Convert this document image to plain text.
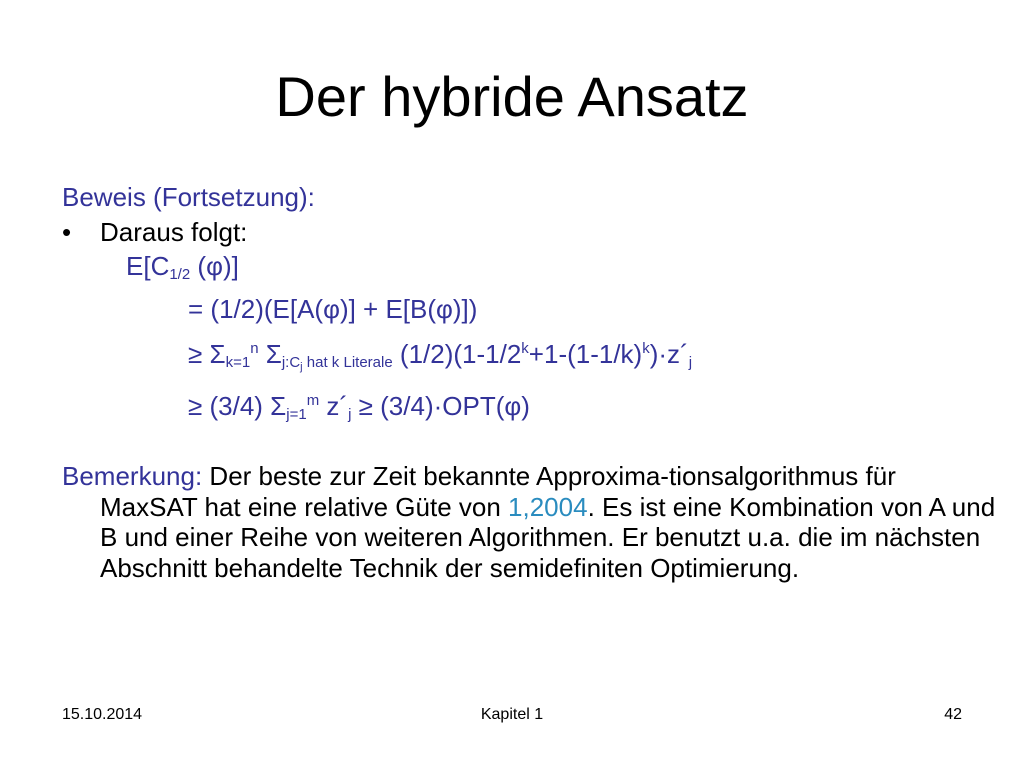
Der hybride Ansatz
Beweis (Fortsetzung):
• Daraus folgt:
$E[C_{1/2}$ (φ)]
= (1/2)(E[A(φ)] + E[B(φ)])
≥ $\Sigma_{k=1}^n$ $\Sigma_{j:C_j hat k Literale}$ $(1/2)(1-1/2^k+1-(1-1/k)^k)\cdot z´_j$
≥ (3/4) $\Sigma_{j=1}^m$ $z´_j \ge (3/4)\cdot OPT(\varphi)$
Bemerkung: Der beste zur Zeit bekannte Approxima-tionsalgorithmus für MaxSAT hat eine relative Güte von 1,2004. Es ist eine Kombination von A und B und einer Reihe von weiteren Algorithmen. Er benutzt u.a. die im nächsten Abschnitt behandelte Technik der semidefiniten Optimierung.
15.10.2014	Kapitel 1	42
